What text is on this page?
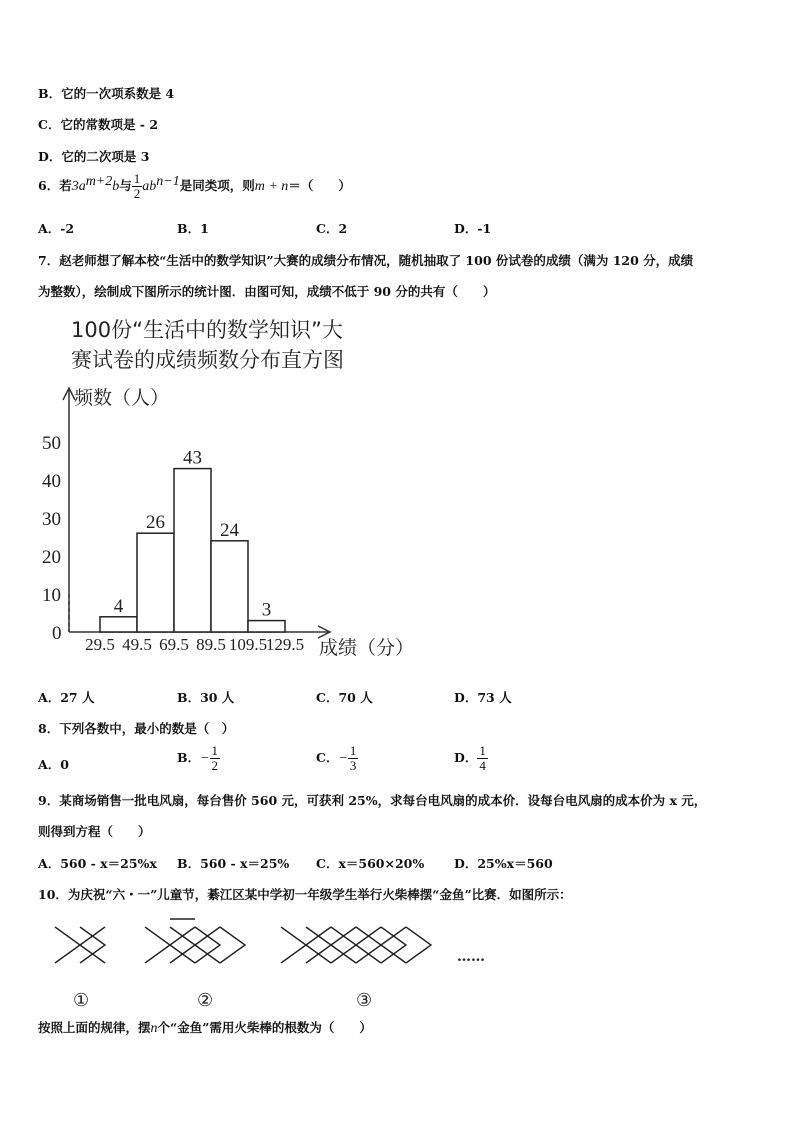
B．它的一次项系数是 4
C．它的常数项是 - 2
D．它的二次项是 3
6．若$3a^{m+2}b$与 $\frac{1}{2} ab^{n-1}$是同类项，则m + n＝（　　）
A．-2	B．1	C．2	D．-1
7．赵老师想了解本校“生活中的数学知识”大赛的成绩分布情况，随机抽取了 100 份试卷的成绩（满为 120 分，成绩
为整数），绘制成下图所示的统计图．由图可知，成绩不低于 90 分的共有（　　）
100份“生活中的数学知识”大
赛试卷的成绩频数分布直方图
频数（人）
成绩（分）
0
10
20
30
40
50
29.5 49.5 69.5 89.5 109.5
129.5
4
26
43
24
3
A．27 人	B．30 人	C．70 人	D．73 人
8．下列各数中，最小的数是（　）
A．0	B．− $\frac{1}{2}$	C．− $\frac{1}{3}$	D． $\frac{1}{4}$
9．某商场销售一批电风扇，每台售价 560 元，可获利 25%，求每台电风扇的成本价．设每台电风扇的成本价为 x 元，
则得到方程（　　）
A．560 - x＝25%x B．560 - x＝25% C．x＝560×20% D．25%x＝560
10．为庆祝“六・一”儿童节，綦江区某中学初一年级学生举行火柴棒摆“金鱼”比赛．如图所示：
……
①	②	③
按照上面的规律，摆n个“金鱼”需用火柴棒的根数为（　　）
